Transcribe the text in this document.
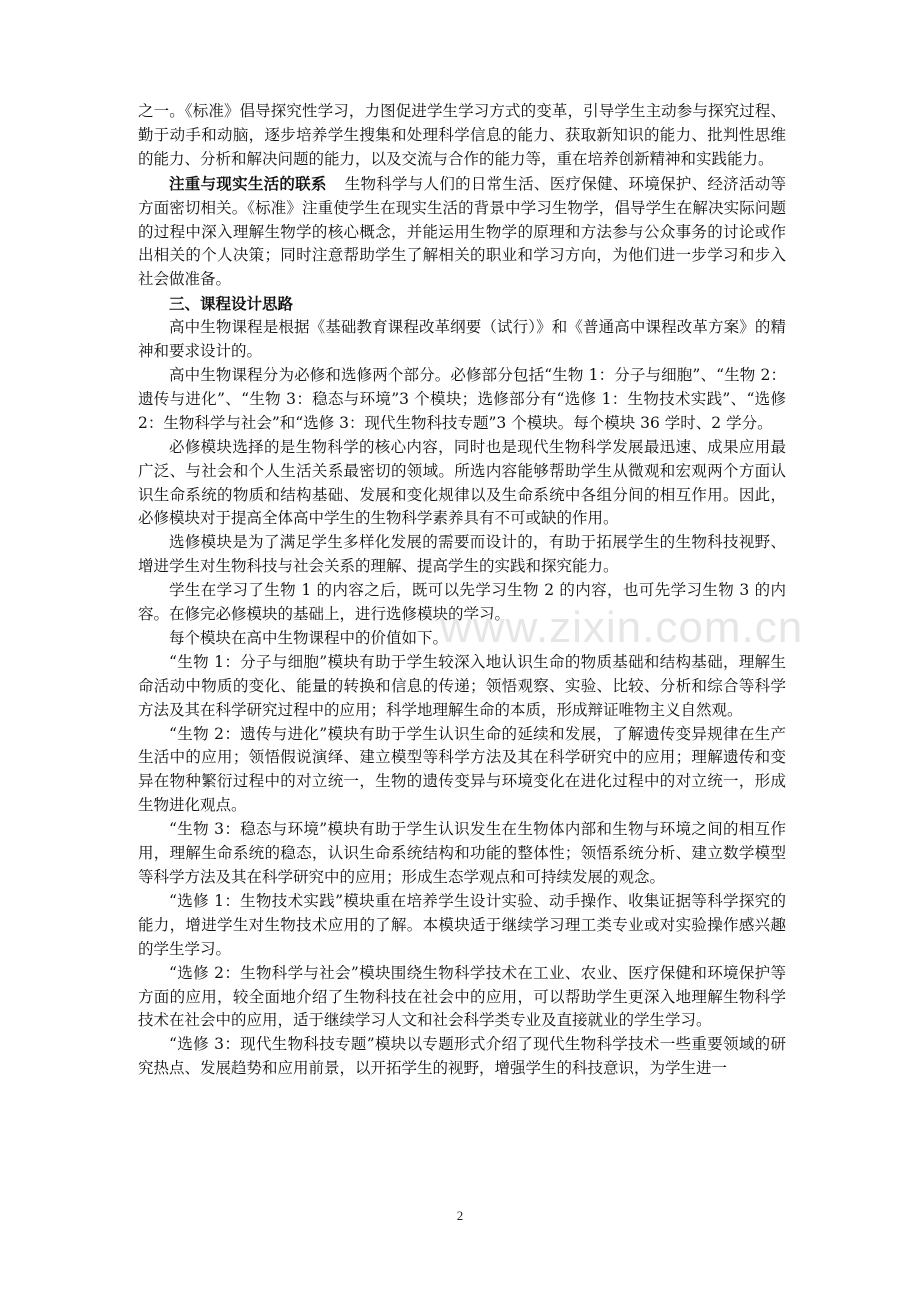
之一。《标准》倡导探究性学习，力图促进学生学习方式的变革，引导学生主动参与探究过程、勤于动手和动脑，逐步培养学生搜集和处理科学信息的能力、获取新知识的能力、批判性思维的能力、分析和解决问题的能力，以及交流与合作的能力等，重在培养创新精神和实践能力。

注重与现实生活的联系 生物科学与人们的日常生活、医疗保健、环境保护、经济活动等方面密切相关。《标准》注重使学生在现实生活的背景中学习生物学，倡导学生在解决实际问题的过程中深入理解生物学的核心概念，并能运用生物学的原理和方法参与公众事务的讨论或作出相关的个人决策；同时注意帮助学生了解相关的职业和学习方向，为他们进一步学习和步入社会做准备。

三、课程设计思路

高中生物课程是根据《基础教育课程改革纲要（试行）》和《普通高中课程改革方案》的精神和要求设计的。

高中生物课程分为必修和选修两个部分。必修部分包括“生物 1：分子与细胞”、“生物 2：遗传与进化”、“生物 3：稳态与环境”3 个模块；选修部分有“选修 1：生物技术实践”、“选修 2：生物科学与社会”和“选修 3：现代生物科技专题”3 个模块。每个模块 36 学时、2 学分。

必修模块选择的是生物科学的核心内容，同时也是现代生物科学发展最迅速、成果应用最广泛、与社会和个人生活关系最密切的领域。所选内容能够帮助学生从微观和宏观两个方面认识生命系统的物质和结构基础、发展和变化规律以及生命系统中各组分间的相互作用。因此，必修模块对于提高全体高中学生的生物科学素养具有不可或缺的作用。

选修模块是为了满足学生多样化发展的需要而设计的，有助于拓展学生的生物科技视野、增进学生对生物科技与社会关系的理解、提高学生的实践和探究能力。

学生在学习了生物 1 的内容之后，既可以先学习生物 2 的内容，也可先学习生物 3 的内容。在修完必修模块的基础上，进行选修模块的学习。

每个模块在高中生物课程中的价值如下。

“生物 1：分子与细胞”模块有助于学生较深入地认识生命的物质基础和结构基础，理解生命活动中物质的变化、能量的转换和信息的传递；领悟观察、实验、比较、分析和综合等科学方法及其在科学研究过程中的应用；科学地理解生命的本质，形成辩证唯物主义自然观。

“生物 2：遗传与进化”模块有助于学生认识生命的延续和发展，了解遗传变异规律在生产生活中的应用；领悟假说演绎、建立模型等科学方法及其在科学研究中的应用；理解遗传和变异在物种繁衍过程中的对立统一，生物的遗传变异与环境变化在进化过程中的对立统一，形成生物进化观点。

“生物 3：稳态与环境”模块有助于学生认识发生在生物体内部和生物与环境之间的相互作用，理解生命系统的稳态，认识生命系统结构和功能的整体性；领悟系统分析、建立数学模型等科学方法及其在科学研究中的应用；形成生态学观点和可持续发展的观念。

“选修 1：生物技术实践”模块重在培养学生设计实验、动手操作、收集证据等科学探究的能力，增进学生对生物技术应用的了解。本模块适于继续学习理工类专业或对实验操作感兴趣的学生学习。

“选修 2：生物科学与社会”模块围绕生物科学技术在工业、农业、医疗保健和环境保护等方面的应用，较全面地介绍了生物科技在社会中的应用，可以帮助学生更深入地理解生物科学技术在社会中的应用，适于继续学习人文和社会科学类专业及直接就业的学生学习。

“选修 3：现代生物科技专题”模块以专题形式介绍了现代生物科学技术一些重要领域的研究热点、发展趋势和应用前景，以开拓学生的视野，增强学生的科技意识，为学生进一

www.zixin.com.cn
2
